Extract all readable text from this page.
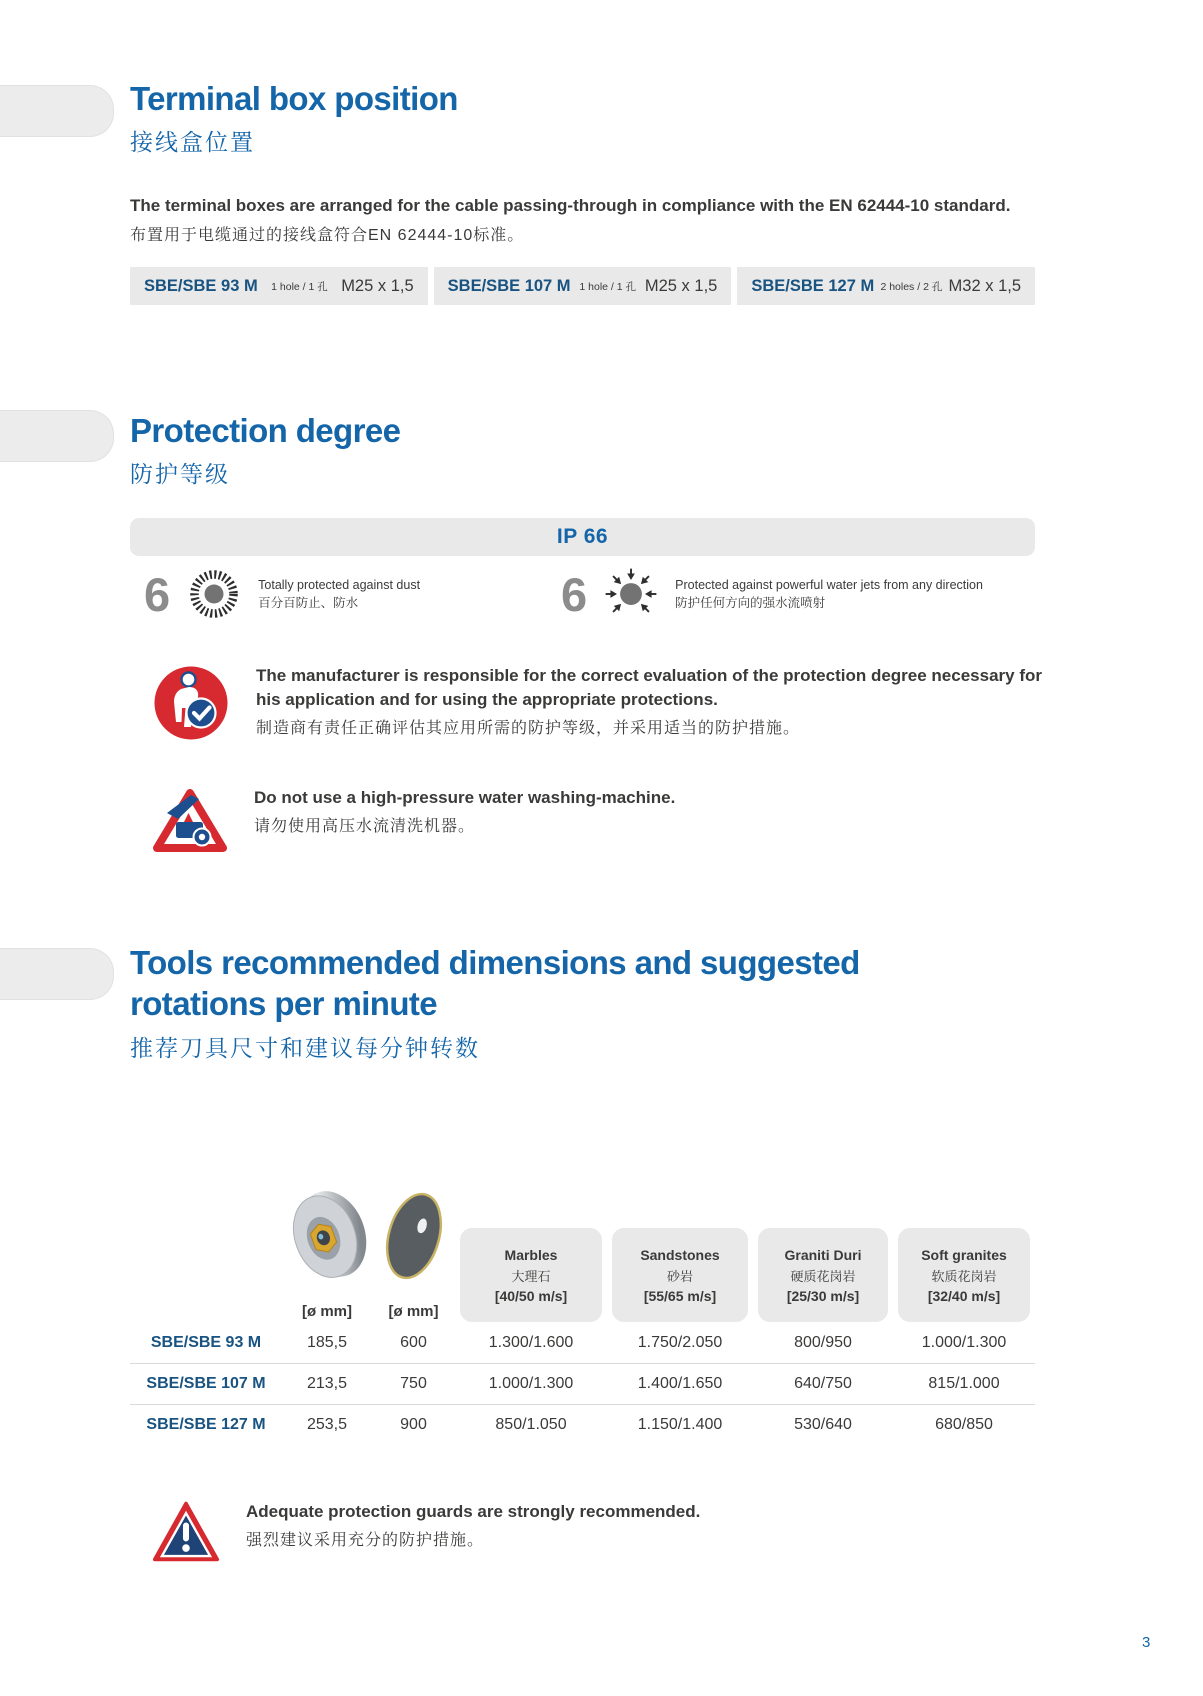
Terminal box position
接线盒位置
The terminal boxes are arranged for the cable passing-through in compliance with the EN 62444-10 standard.
布置用于电缆通过的接线盒符合EN 62444-10标准。
SBE/SBE 93 M	1 hole / 1 孔 M25 x 1,5 SBE/SBE 107 M 1 hole / 1 孔 M25 x 1,5 SBE/SBE 127 M 2 holes / 2 孔 M32 x 1,5
Protection degree
防护等级
IP 66
6	Totally protected against dust
百分百防止、防水	6	Protected against powerful water jets from any direction
防护任何方向的强水流喷射
The manufacturer is responsible for the correct evaluation of the protection degree necessary for his application and for using the appropriate protections.
制造商有责任正确评估其应用所需的防护等级，并采用适当的防护措施。
Do not use a high-pressure water washing-machine.
请勿使用高压水流清洗机器。
Tools recommended dimensions and suggested
rotations per minute
推荐刀具尺寸和建议每分钟转数
[ø mm] [ø mm]
Marbles
大理石
[40/50 m/s]
Sandstones
砂岩
[55/65 m/s]
Graniti Duri
硬质花岗岩
[25/30 m/s]
Soft granites
软质花岗岩
[32/40 m/s]
SBE/SBE 93 M	185,5	600	1.300/1.600	1.750/2.050	800/950	1.000/1.300
SBE/SBE 107 M	213,5	750	1.000/1.300	1.400/1.650	640/750	815/1.000
SBE/SBE 127 M	253,5	900	850/1.050	1.150/1.400	530/640	680/850
Adequate protection guards are strongly recommended.
强烈建议采用充分的防护措施。
3
